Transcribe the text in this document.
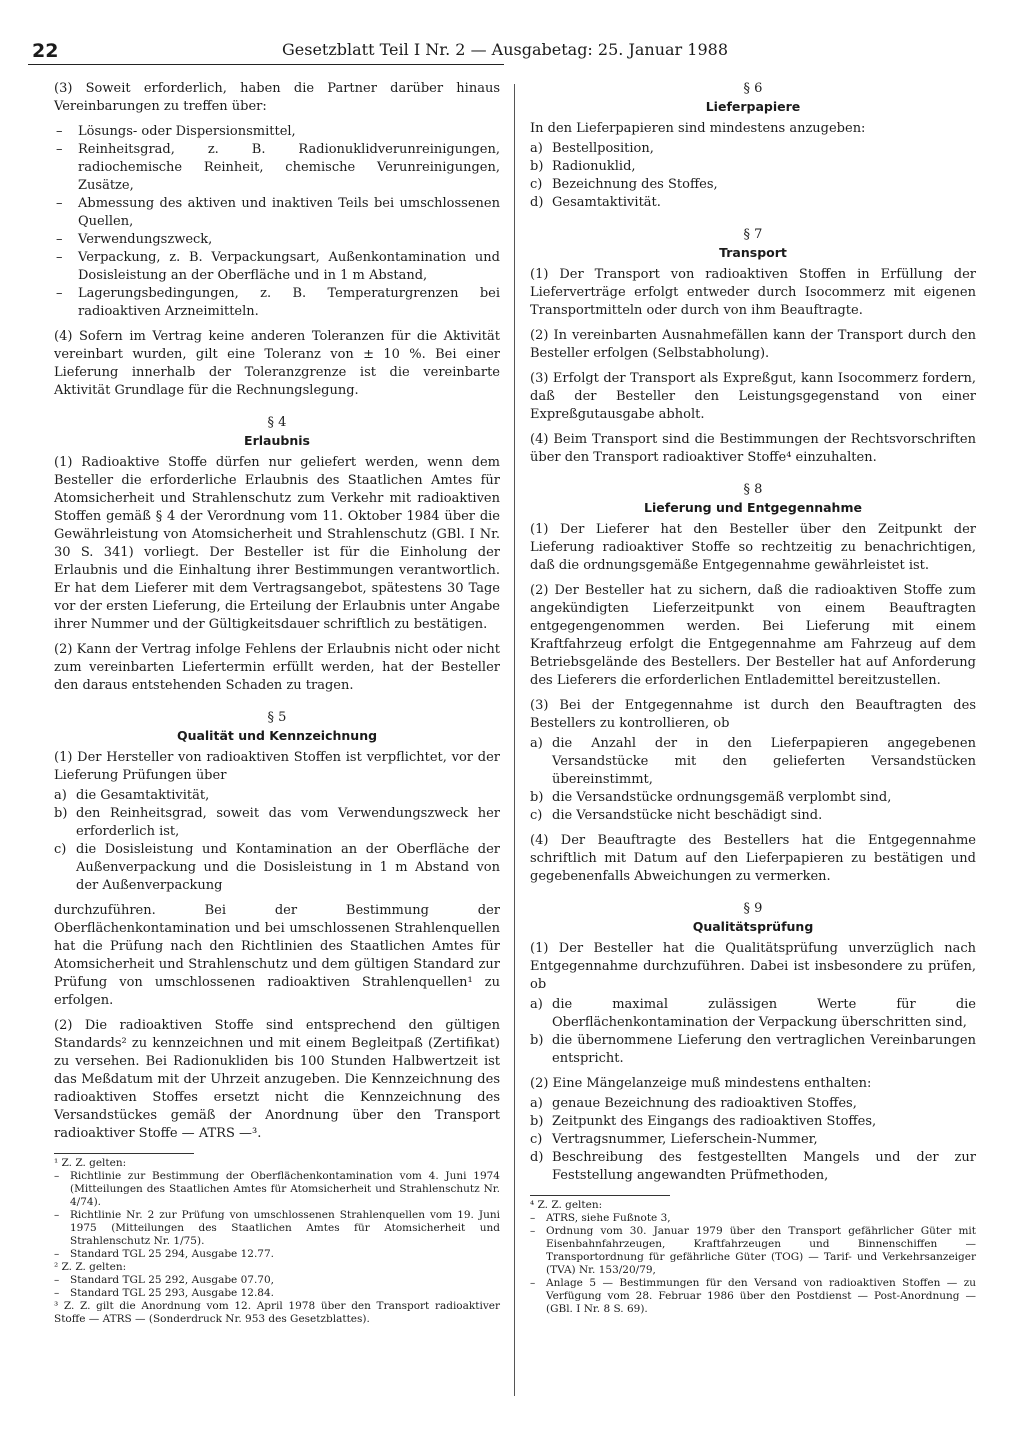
22	Gesetzblatt Teil I Nr. 2 — Ausgabetag: 25. Januar 1988

(3) Soweit erforderlich, haben die Partner darüber hinaus Vereinbarungen zu treffen über:

– Lösungs- oder Dispersionsmittel,
– Reinheitsgrad, z. B. Radionuklidverunreinigungen, radiochemische Reinheit, chemische Verunreinigungen, Zusätze,
– Abmessung des aktiven und inaktiven Teils bei umschlossenen Quellen,
– Verwendungszweck,
– Verpackung, z. B. Verpackungsart, Außenkontamination und Dosisleistung an der Oberfläche und in 1 m Abstand,
– Lagerungsbedingungen, z. B. Temperaturgrenzen bei radioaktiven Arzneimitteln.

(4) Sofern im Vertrag keine anderen Toleranzen für die Aktivität vereinbart wurden, gilt eine Toleranz von ± 10 %. Bei einer Lieferung innerhalb der Toleranzgrenze ist die vereinbarte Aktivität Grundlage für die Rechnungslegung.

§ 4
Erlaubnis

(1) Radioaktive Stoffe dürfen nur geliefert werden, wenn dem Besteller die erforderliche Erlaubnis des Staatlichen Amtes für Atomsicherheit und Strahlenschutz zum Verkehr mit radioaktiven Stoffen gemäß § 4 der Verordnung vom 11. Oktober 1984 über die Gewährleistung von Atomsicherheit und Strahlenschutz (GBl. I Nr. 30 S. 341) vorliegt. Der Besteller ist für die Einholung der Erlaubnis und die Einhaltung ihrer Bestimmungen verantwortlich. Er hat dem Lieferer mit dem Vertragsangebot, spätestens 30 Tage vor der ersten Lieferung, die Erteilung der Erlaubnis unter Angabe ihrer Nummer und der Gültigkeitsdauer schriftlich zu bestätigen.

(2) Kann der Vertrag infolge Fehlens der Erlaubnis nicht oder nicht zum vereinbarten Liefertermin erfüllt werden, hat der Besteller den daraus entstehenden Schaden zu tragen.

§ 5
Qualität und Kennzeichnung

(1) Der Hersteller von radioaktiven Stoffen ist verpflichtet, vor der Lieferung Prüfungen über

a) die Gesamtaktivität,
b) den Reinheitsgrad, soweit das vom Verwendungszweck her erforderlich ist,
c) die Dosisleistung und Kontamination an der Oberfläche der Außenverpackung und die Dosisleistung in 1 m Abstand von der Außenverpackung

durchzuführen. Bei der Bestimmung der Oberflächenkontamination und bei umschlossenen Strahlenquellen hat die Prüfung nach den Richtlinien des Staatlichen Amtes für Atomsicherheit und Strahlenschutz und dem gültigen Standard zur Prüfung von umschlossenen radioaktiven Strahlenquellen¹ zu erfolgen.

(2) Die radioaktiven Stoffe sind entsprechend den gültigen Standards² zu kennzeichnen und mit einem Begleitpaß (Zertifikat) zu versehen. Bei Radionukliden bis 100 Stunden Halbwertzeit ist das Meßdatum mit der Uhrzeit anzugeben. Die Kennzeichnung des radioaktiven Stoffes ersetzt nicht die Kennzeichnung des Versandstückes gemäß der Anordnung über den Transport radioaktiver Stoffe — ATRS —³.

¹ Z. Z. gelten:

– Richtlinie zur Bestimmung der Oberflächenkontamination vom 4. Juni 1974 (Mitteilungen des Staatlichen Amtes für Atomsicherheit und Strahlenschutz Nr. 4/74).
– Richtlinie Nr. 2 zur Prüfung von umschlossenen Strahlenquellen vom 19. Juni 1975 (Mitteilungen des Staatlichen Amtes für Atomsicherheit und Strahlenschutz Nr. 1/75).
– Standard TGL 25 294, Ausgabe 12.77.

² Z. Z. gelten:

– Standard TGL 25 292, Ausgabe 07.70,
– Standard TGL 25 293, Ausgabe 12.84.

³ Z. Z. gilt die Anordnung vom 12. April 1978 über den Transport radioaktiver Stoffe — ATRS — (Sonderdruck Nr. 953 des Gesetzblattes).

§ 6
Lieferpapiere

In den Lieferpapieren sind mindestens anzugeben:

a) Bestellposition,
b) Radionuklid,
c) Bezeichnung des Stoffes,
d) Gesamtaktivität.
§ 7
Transport

(1) Der Transport von radioaktiven Stoffen in Erfüllung der Lieferverträge erfolgt entweder durch Isocommerz mit eigenen Transportmitteln oder durch von ihm Beauftragte.

(2) In vereinbarten Ausnahmefällen kann der Transport durch den Besteller erfolgen (Selbstabholung).

(3) Erfolgt der Transport als Expreßgut, kann Isocommerz fordern, daß der Besteller den Leistungsgegenstand von einer Expreßgutausgabe abholt.

(4) Beim Transport sind die Bestimmungen der Rechtsvorschriften über den Transport radioaktiver Stoffe⁴ einzuhalten.

§ 8
Lieferung und Entgegennahme

(1) Der Lieferer hat den Besteller über den Zeitpunkt der Lieferung radioaktiver Stoffe so rechtzeitig zu benachrichtigen, daß die ordnungsgemäße Entgegennahme gewährleistet ist.

(2) Der Besteller hat zu sichern, daß die radioaktiven Stoffe zum angekündigten Lieferzeitpunkt von einem Beauftragten entgegengenommen werden. Bei Lieferung mit einem Kraftfahrzeug erfolgt die Entgegennahme am Fahrzeug auf dem Betriebsgelände des Bestellers. Der Besteller hat auf Anforderung des Lieferers die erforderlichen Entlademittel bereitzustellen.

(3) Bei der Entgegennahme ist durch den Beauftragten des Bestellers zu kontrollieren, ob

a) die Anzahl der in den Lieferpapieren angegebenen Versandstücke mit den gelieferten Versandstücken übereinstimmt,
b) die Versandstücke ordnungsgemäß verplombt sind,
c) die Versandstücke nicht beschädigt sind.

(4) Der Beauftragte des Bestellers hat die Entgegennahme schriftlich mit Datum auf den Lieferpapieren zu bestätigen und gegebenenfalls Abweichungen zu vermerken.

§ 9
Qualitätsprüfung

(1) Der Besteller hat die Qualitätsprüfung unverzüglich nach Entgegennahme durchzuführen. Dabei ist insbesondere zu prüfen, ob

a) die maximal zulässigen Werte für die Oberflächenkontamination der Verpackung überschritten sind,
b) die übernommene Lieferung den vertraglichen Vereinbarungen entspricht.

(2) Eine Mängelanzeige muß mindestens enthalten:

a) genaue Bezeichnung des radioaktiven Stoffes,
b) Zeitpunkt des Eingangs des radioaktiven Stoffes,
c) Vertragsnummer, Lieferschein-Nummer,
d) Beschreibung des festgestellten Mangels und der zur Feststellung angewandten Prüfmethoden,

⁴ Z. Z. gelten:

– ATRS, siehe Fußnote 3,
– Ordnung vom 30. Januar 1979 über den Transport gefährlicher Güter mit Eisenbahnfahrzeugen, Kraftfahrzeugen und Binnenschiffen — Transportordnung für gefährliche Güter (TOG) — Tarif- und Verkehrsanzeiger (TVA) Nr. 153/20/79,
– Anlage 5 — Bestimmungen für den Versand von radioaktiven Stoffen — zu Verfügung vom 28. Februar 1986 über den Postdienst — Post-Anordnung — (GBl. I Nr. 8 S. 69).
